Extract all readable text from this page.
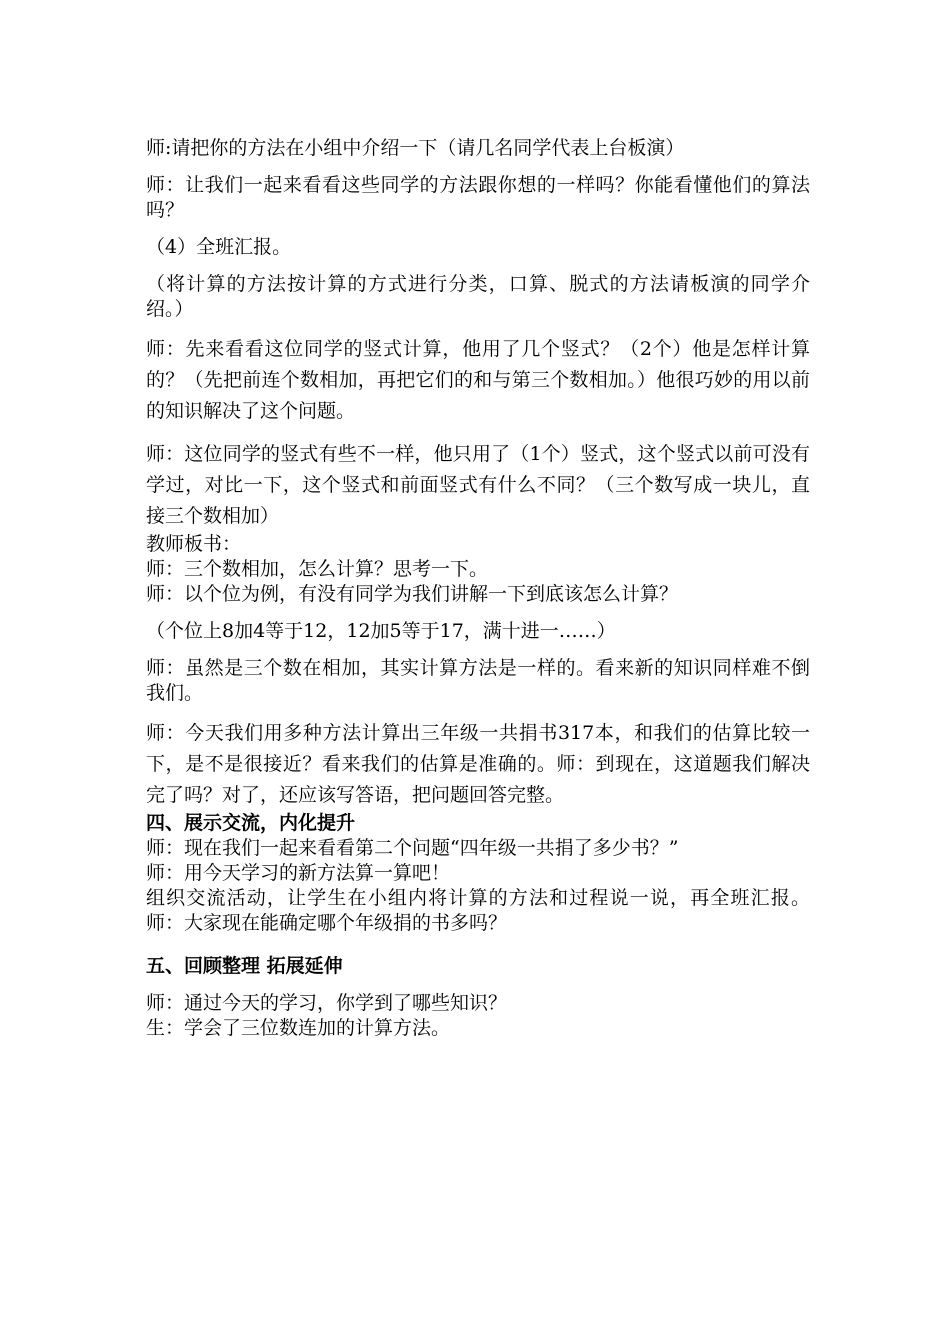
师:请把你的方法在小组中介绍一下（请几名同学代表上台板演）

师：让我们一起来看看这些同学的方法跟你想的一样吗？你能看懂他们的算法吗？

（4）全班汇报。

（将计算的方法按计算的方式进行分类，口算、脱式的方法请板演的同学介绍。）

师：先来看看这位同学的竖式计算，他用了几个竖式？（2个）他是怎样计算的？（先把前连个数相加，再把它们的和与第三个数相加。）他很巧妙的用以前的知识解决了这个问题。

师：这位同学的竖式有些不一样，他只用了（1个）竖式，这个竖式以前可没有学过，对比一下，这个竖式和前面竖式有什么不同？（三个数写成一块儿，直接三个数相加）

教师板书：

师：三个数相加，怎么计算？思考一下。

师：以个位为例，有没有同学为我们讲解一下到底该怎么计算？

（个位上8加4等于12，12加5等于17，满十进一……）

师：虽然是三个数在相加，其实计算方法是一样的。看来新的知识同样难不倒我们。

师：今天我们用多种方法计算出三年级一共捐书317本，和我们的估算比较一下，是不是很接近？看来我们的估算是准确的。师：到现在，这道题我们解决完了吗？对了，还应该写答语，把问题回答完整。

四、展示交流，内化提升

师：现在我们一起来看看第二个问题“四年级一共捐了多少书？”

师：用今天学习的新方法算一算吧！

组织交流活动，让学生在小组内将计算的方法和过程说一说，再全班汇报。师：大家现在能确定哪个年级捐的书多吗？

五、回顾整理 拓展延伸

师：通过今天的学习，你学到了哪些知识？

生：学会了三位数连加的计算方法。
